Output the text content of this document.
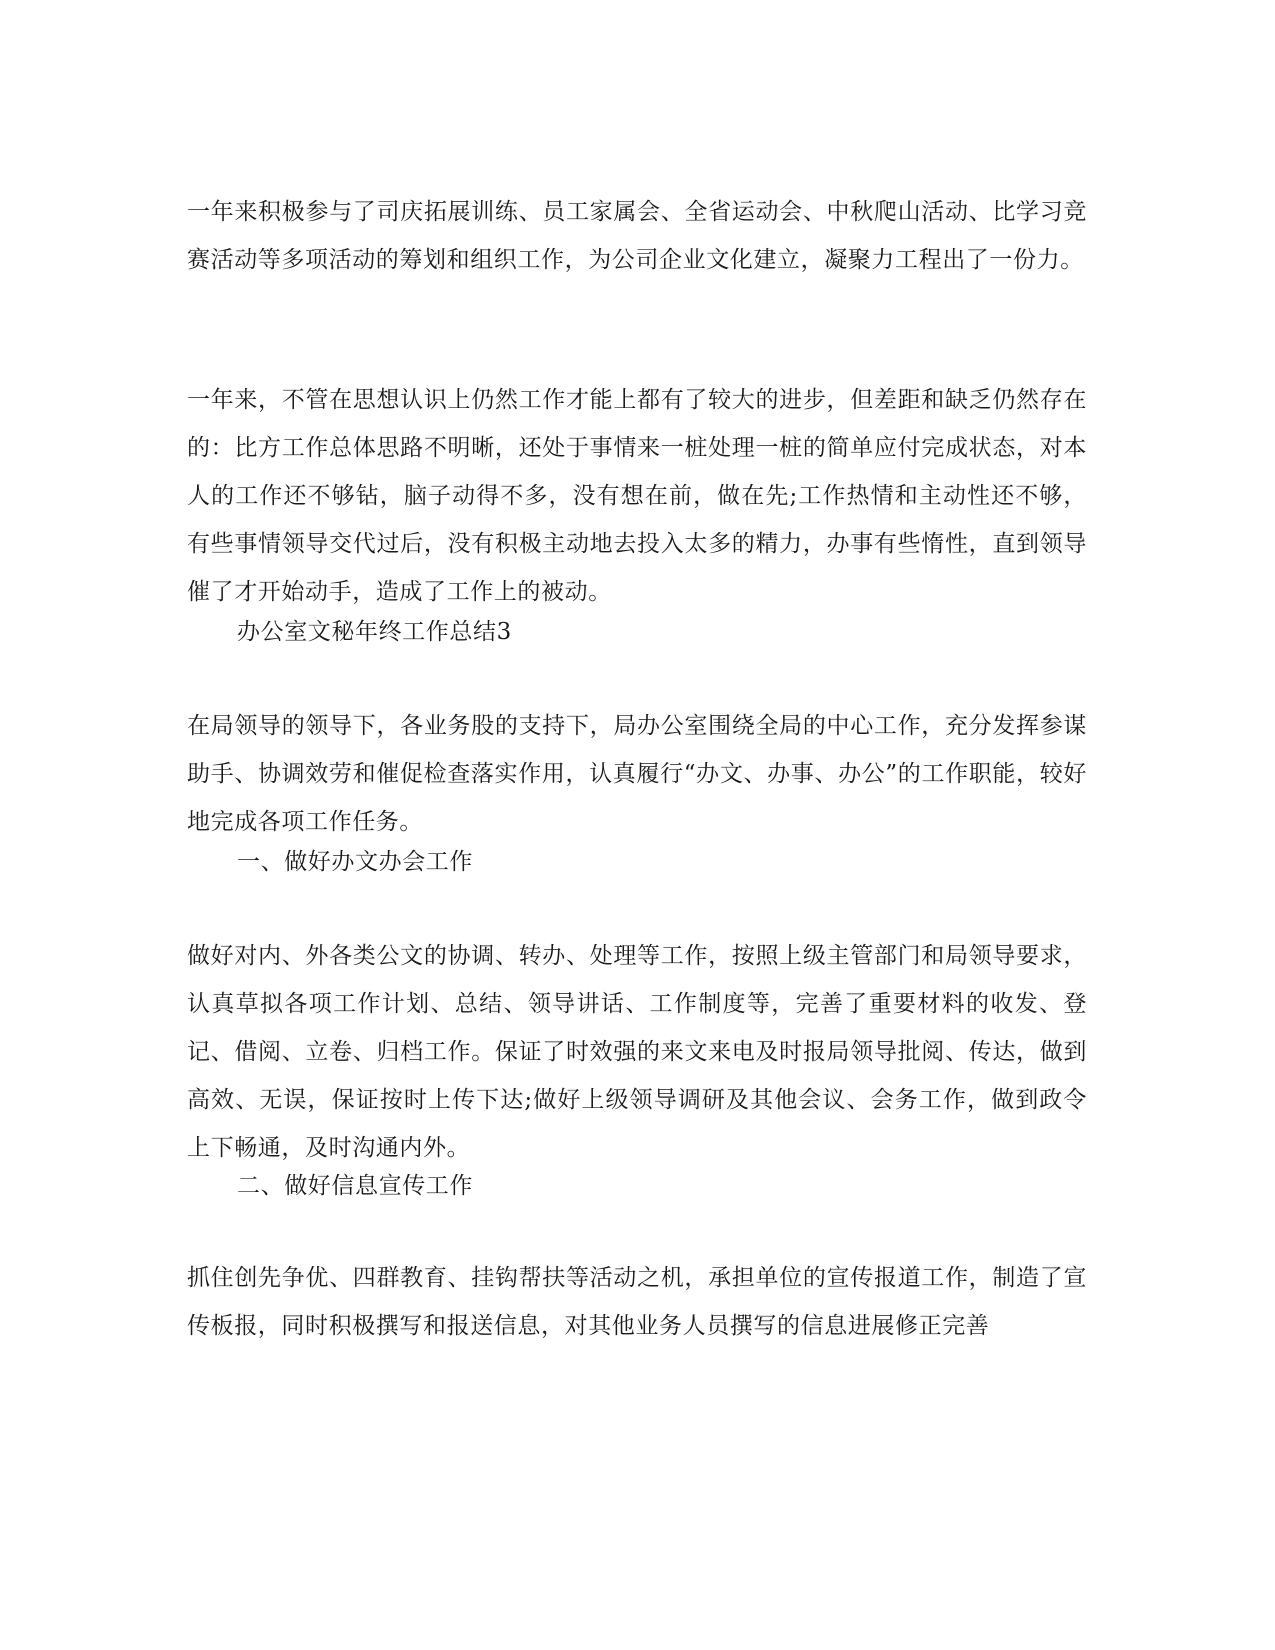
一年来积极参与了司庆拓展训练、员工家属会、全省运动会、中秋爬山活动、比学习竞赛活动等多项活动的筹划和组织工作，为公司企业文化建立，凝聚力工程出了一份力。

一年来，不管在思想认识上仍然工作才能上都有了较大的进步，但差距和缺乏仍然存在的：比方工作总体思路不明晰，还处于事情来一桩处理一桩的简单应付完成状态，对本人的工作还不够钻，脑子动得不多，没有想在前，做在先;工作热情和主动性还不够，有些事情领导交代过后，没有积极主动地去投入太多的精力，办事有些惰性，直到领导催了才开始动手，造成了工作上的被动。

办公室文秘年终工作总结3

在局领导的领导下，各业务股的支持下，局办公室围绕全局的中心工作，充分发挥参谋助手、协调效劳和催促检查落实作用，认真履行“办文、办事、办公”的工作职能，较好地完成各项工作任务。

一、做好办文办会工作

做好对内、外各类公文的协调、转办、处理等工作，按照上级主管部门和局领导要求，认真草拟各项工作计划、总结、领导讲话、工作制度等，完善了重要材料的收发、登记、借阅、立卷、归档工作。保证了时效强的来文来电及时报局领导批阅、传达，做到高效、无误，保证按时上传下达;做好上级领导调研及其他会议、会务工作，做到政令上下畅通，及时沟通内外。

二、做好信息宣传工作

抓住创先争优、四群教育、挂钩帮扶等活动之机，承担单位的宣传报道工作，制造了宣传板报，同时积极撰写和报送信息，对其他业务人员撰写的信息进展修正完善
